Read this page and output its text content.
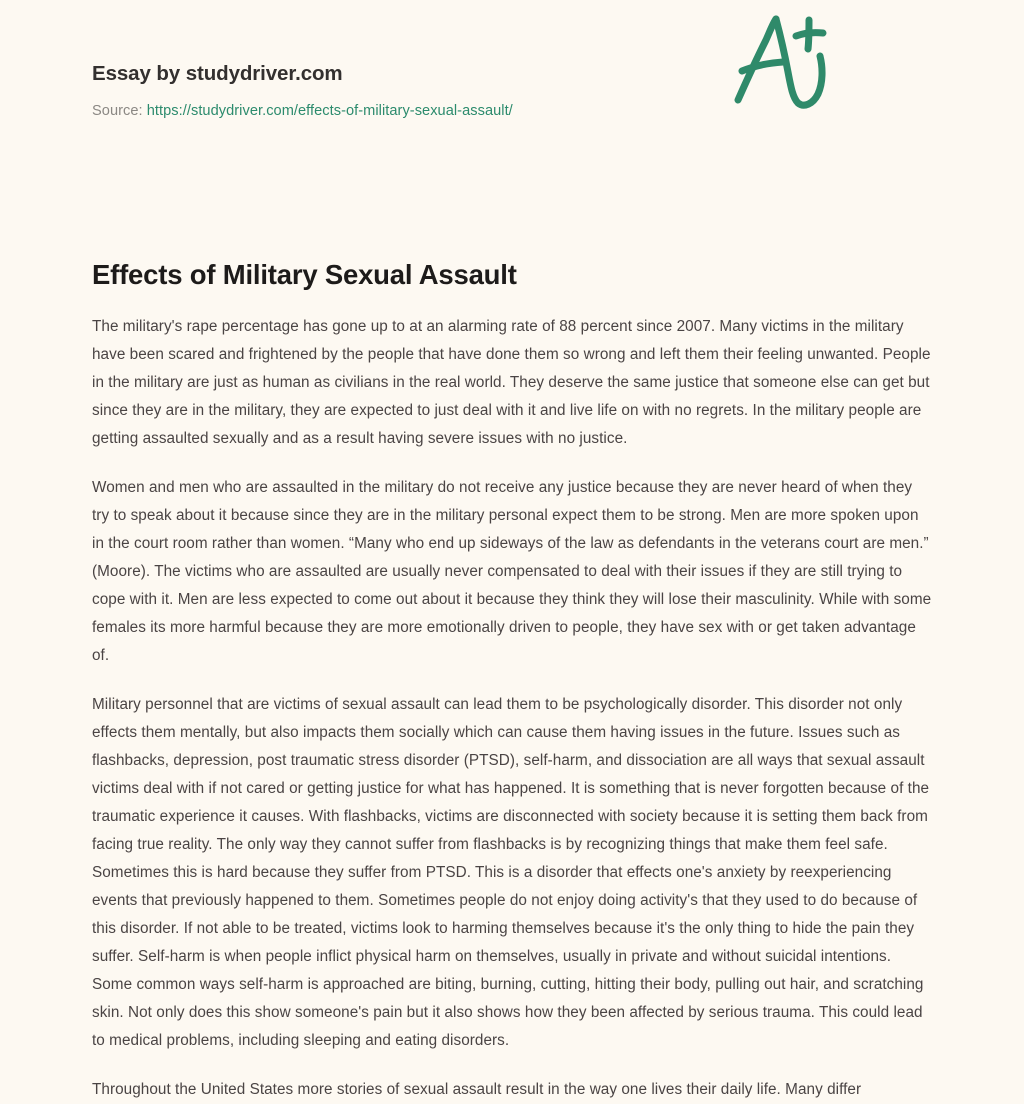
Essay by studydriver.com

Source: https://studydriver.com/effects-of-military-sexual-assault/

Effects of Military Sexual Assault

The military's rape percentage has gone up to at an alarming rate of 88 percent since 2007. Many victims in the military have been scared and frightened by the people that have done them so wrong and left them their feeling unwanted. People in the military are just as human as civilians in the real world. They deserve the same justice that someone else can get but since they are in the military, they are expected to just deal with it and live life on with no regrets. In the military people are getting assaulted sexually and as a result having severe issues with no justice.

Women and men who are assaulted in the military do not receive any justice because they are never heard of when they try to speak about it because since they are in the military personal expect them to be strong. Men are more spoken upon in the court room rather than women. “Many who end up sideways of the law as defendants in the veterans court are men.” (Moore). The victims who are assaulted are usually never compensated to deal with their issues if they are still trying to cope with it. Men are less expected to come out about it because they think they will lose their masculinity. While with some females its more harmful because they are more emotionally driven to people, they have sex with or get taken advantage of.

Military personnel that are victims of sexual assault can lead them to be psychologically disorder. This disorder not only effects them mentally, but also impacts them socially which can cause them having issues in the future. Issues such as flashbacks, depression, post traumatic stress disorder (PTSD), self-harm, and dissociation are all ways that sexual assault victims deal with if not cared or getting justice for what has happened. It is something that is never forgotten because of the traumatic experience it causes. With flashbacks, victims are disconnected with society because it is setting them back from facing true reality. The only way they cannot suffer from flashbacks is by recognizing things that make them feel safe. Sometimes this is hard because they suffer from PTSD. This is a disorder that effects one's anxiety by reexperiencing events that previously happened to them. Sometimes people do not enjoy doing activity's that they used to do because of this disorder. If not able to be treated, victims look to harming themselves because it's the only thing to hide the pain they suffer. Self-harm is when people inflict physical harm on themselves, usually in private and without suicidal intentions. Some common ways self-harm is approached are biting, burning, cutting, hitting their body, pulling out hair, and scratching skin. Not only does this show someone's pain but it also shows how they been affected by serious trauma. This could lead to medical problems, including sleeping and eating disorders.

Throughout the United States more stories of sexual assault result in the way one lives their daily life. Many differ
